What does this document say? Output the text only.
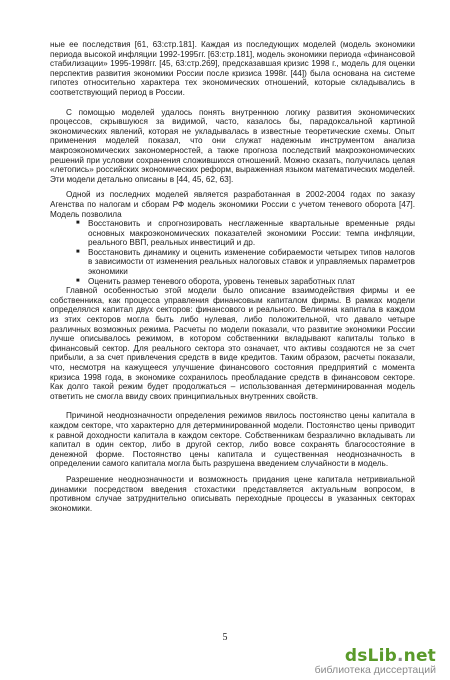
ные ее последствия [61, 63:стр.181]. Каждая из последующих моделей (модель экономики периода высокой инфляции 1992-1995гг. [63:стр.181], модель экономики периода «финансовой стабилизации» 1995-1998гг. [45, 63:стр.269], предсказавшая кризис 1998 г., модель для оценки перспектив развития экономики России после кризиса 1998г. [44]) была основана на системе гипотез относительно характера тех экономических отношений, которые складывались в соответствующий период в России.

С помощью моделей удалось понять внутреннюю логику развития экономических процессов, скрывшуюся за видимой, часто, казалось бы, парадоксальной картиной экономических явлений, которая не укладывалась в известные теоретические схемы. Опыт применения моделей показал, что они служат надежным инструментом анализа макроэкономических закономерностей, а также прогноза последствий макроэкономических решений при условии сохранения сложившихся отношений. Можно сказать, получилась целая «летопись» российских экономических реформ, выраженная языком математических моделей. Эти модели детально описаны в [44, 45, 62, 63].

Одной из последних моделей является разработанная в 2002-2004 годах по заказу Агенства по налогам и сборам РФ модель экономики России с учетом теневого оборота [47]. Модель позволила

■ Восстановить и спрогнозировать несглаженные квартальные временные ряды основных макроэкономических показателей экономики России: темпа инфляции, реального ВВП, реальных инвестиций и др.
■ Восстановить динамику и оценить изменение собираемости четырех типов налогов в зависимости от изменения реальных налоговых ставок и управляемых параметров экономики
■ Оценить размер теневого оборота, уровень теневых заработных плат

Главной особенностью этой модели было описание взаимодействия фирмы и ее собственника, как процесса управления финансовым капиталом фирмы. В рамках модели определялся капитал двух секторов: финансового и реального. Величина капитала в каждом из этих секторов могла быть либо нулевая, либо положительной, что давало четыре различных возможных режима. Расчеты по модели показали, что развитие экономики России лучше описывалось режимом, в котором собственники вкладывают капиталы только в финансовый сектор. Для реального сектора это означает, что активы создаются не за счет прибыли, а за счет привлечения средств в виде кредитов. Таким образом, расчеты показали, что, несмотря на кажущееся улучшение финансового состояния предприятий с момента кризиса 1998 года, в экономике сохранилось преобладание средств в финансовом секторе. Как долго такой режим будет продолжаться – использованная детерминированная модель ответить не смогла ввиду своих принципиальных внутренних свойств.

Причиной неоднозначности определения режимов явилось постоянство цены капитала в каждом секторе, что характерно для детерминированной модели. Постоянство цены приводит к равной доходности капитала в каждом секторе. Собственникам безразлично вкладывать ли капитал в один сектор, либо в другой сектор, либо вовсе сохранять благосостояние в денежной форме. Постоянство цены капитала и существенная неоднозначность в определении самого капитала могла быть разрушена введением случайности в модель.

Разрешение неоднозначности и возможность придания цене капитала нетривиальной динамики посредством введения стохастики представляется актуальным вопросом, в противном случае затруднительно описывать переходные процессы в указанных секторах экономики.

5
dsLib.net
библиотека диссертаций
